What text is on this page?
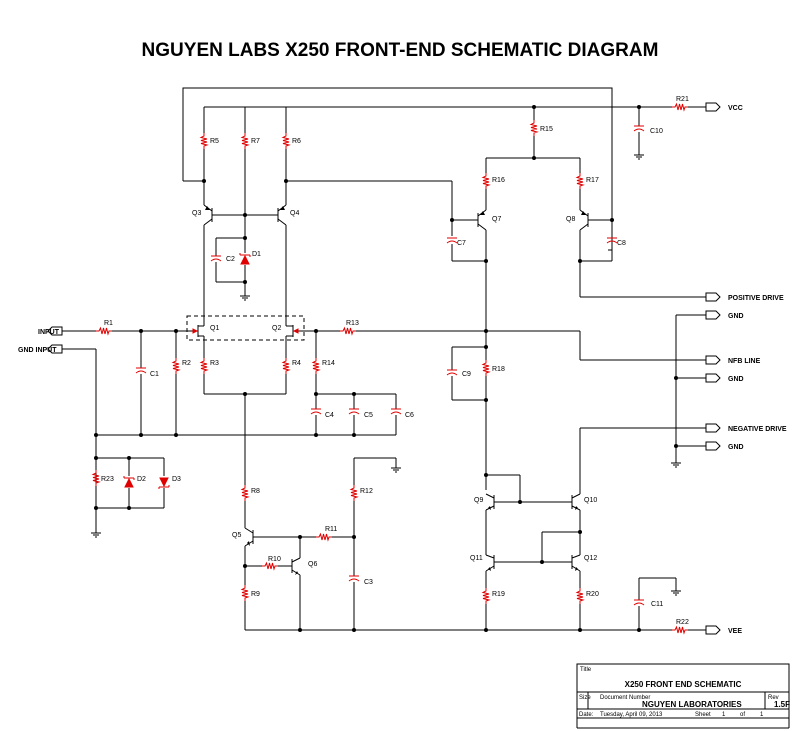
NGUYEN LABS X250 FRONT-END SCHEMATIC DIAGRAM
VCC
POSITIVE DRIVE
GND
NFB LINE
GND
NEGATIVE DRIVE
GND
VEE
INPUT
GND INPUT
R5	R7	R6
R15
R21
C10
R16	R17
Q3	Q4
Q7	Q8
C2
D1
C7	C8
R1
Q1	Q2
R13
C1
R2	R3	R4	R14
R18
C9
C4	C5	C6
R23	D2	D3
R8	R12
Q9	Q10
Q5
R11
R10
Q6
Q11	Q12
C3
R9	R19	R20
C11
R22
Title
X250 FRONT END SCHEMATIC
Size Document Number
NGUYEN LABORATORIES
Rev
1.5F
Date: Tuesday, April 09, 2013	Sheet 1 of 1
